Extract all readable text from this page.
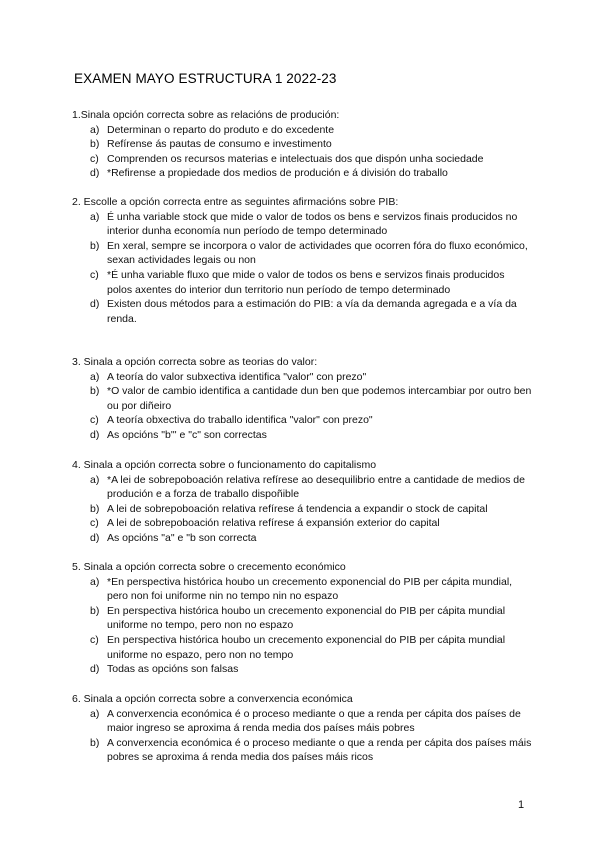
EXAMEN MAYO ESTRUCTURA 1 2022-23

1.Sinala opción correcta sobre as relacións de produción:

a) Determinan o reparto do produto e do excedente
b) Refírense ás pautas de consumo e investimento
c) Comprenden os recursos materias e intelectuais dos que dispón unha sociedade
d) *Refirense a propiedade dos medios de produción e á división do traballo

2. Escolle a opción correcta entre as seguintes afirmacións sobre PIB:

a) É unha variable stock que mide o valor de todos os bens e servizos finais producidos no interior dunha economía nun período de tempo determinado
b) En xeral, sempre se incorpora o valor de actividades que ocorren fóra do fluxo económico, sexan actividades legais ou non
c) *É unha variable fluxo que mide o valor de todos os bens e servizos finais producidos polos axentes do interior dun territorio nun período de tempo determinado
d) Existen dous métodos para a estimación do PIB: a vía da demanda agregada e a vía da renda.

3. Sinala a opción correcta sobre as teorias do valor:

a) A teoría do valor subxectiva identifica "valor" con prezo"
b) *O valor de cambio identifica a cantidade dun ben que podemos intercambiar por outro ben ou por diñeiro
c) A teoría obxectiva do traballo identifica "valor" con prezo"
d) As opcións "b"' e "c" son correctas

4. Sinala a opción correcta sobre o funcionamento do capitalismo

a) *A lei de sobrepoboación relativa refírese ao desequilibrio entre a cantidade de medios de produción e a forza de traballo dispoñible
b) A lei de sobrepoboación relativa refírese á tendencia a expandir o stock de capital
c) A lei de sobrepoboación relativa refírese á expansión exterior do capital
d) As opcións "a" e "b son correcta

5. Sinala a opción correcta sobre o crecemento económico

a) *En perspectiva histórica houbo un crecemento exponencial do PIB per cápita mundial, pero non foi uniforme nin no tempo nin no espazo
b) En perspectiva histórica houbo un crecemento exponencial do PIB per cápita mundial uniforme no tempo, pero non no espazo
c) En perspectiva histórica houbo un crecemento exponencial do PIB per cápita mundial uniforme no espazo, pero non no tempo
d) Todas as opcións son falsas

6. Sinala a opción correcta sobre a converxencia económica

a) A converxencia económica é o proceso mediante o que a renda per cápita dos países de maior ingreso se aproxima á renda media dos países máis pobres
b) A converxencia económica é o proceso mediante o que a renda per cápita dos países máis pobres se aproxima á renda media dos países máis ricos
1
